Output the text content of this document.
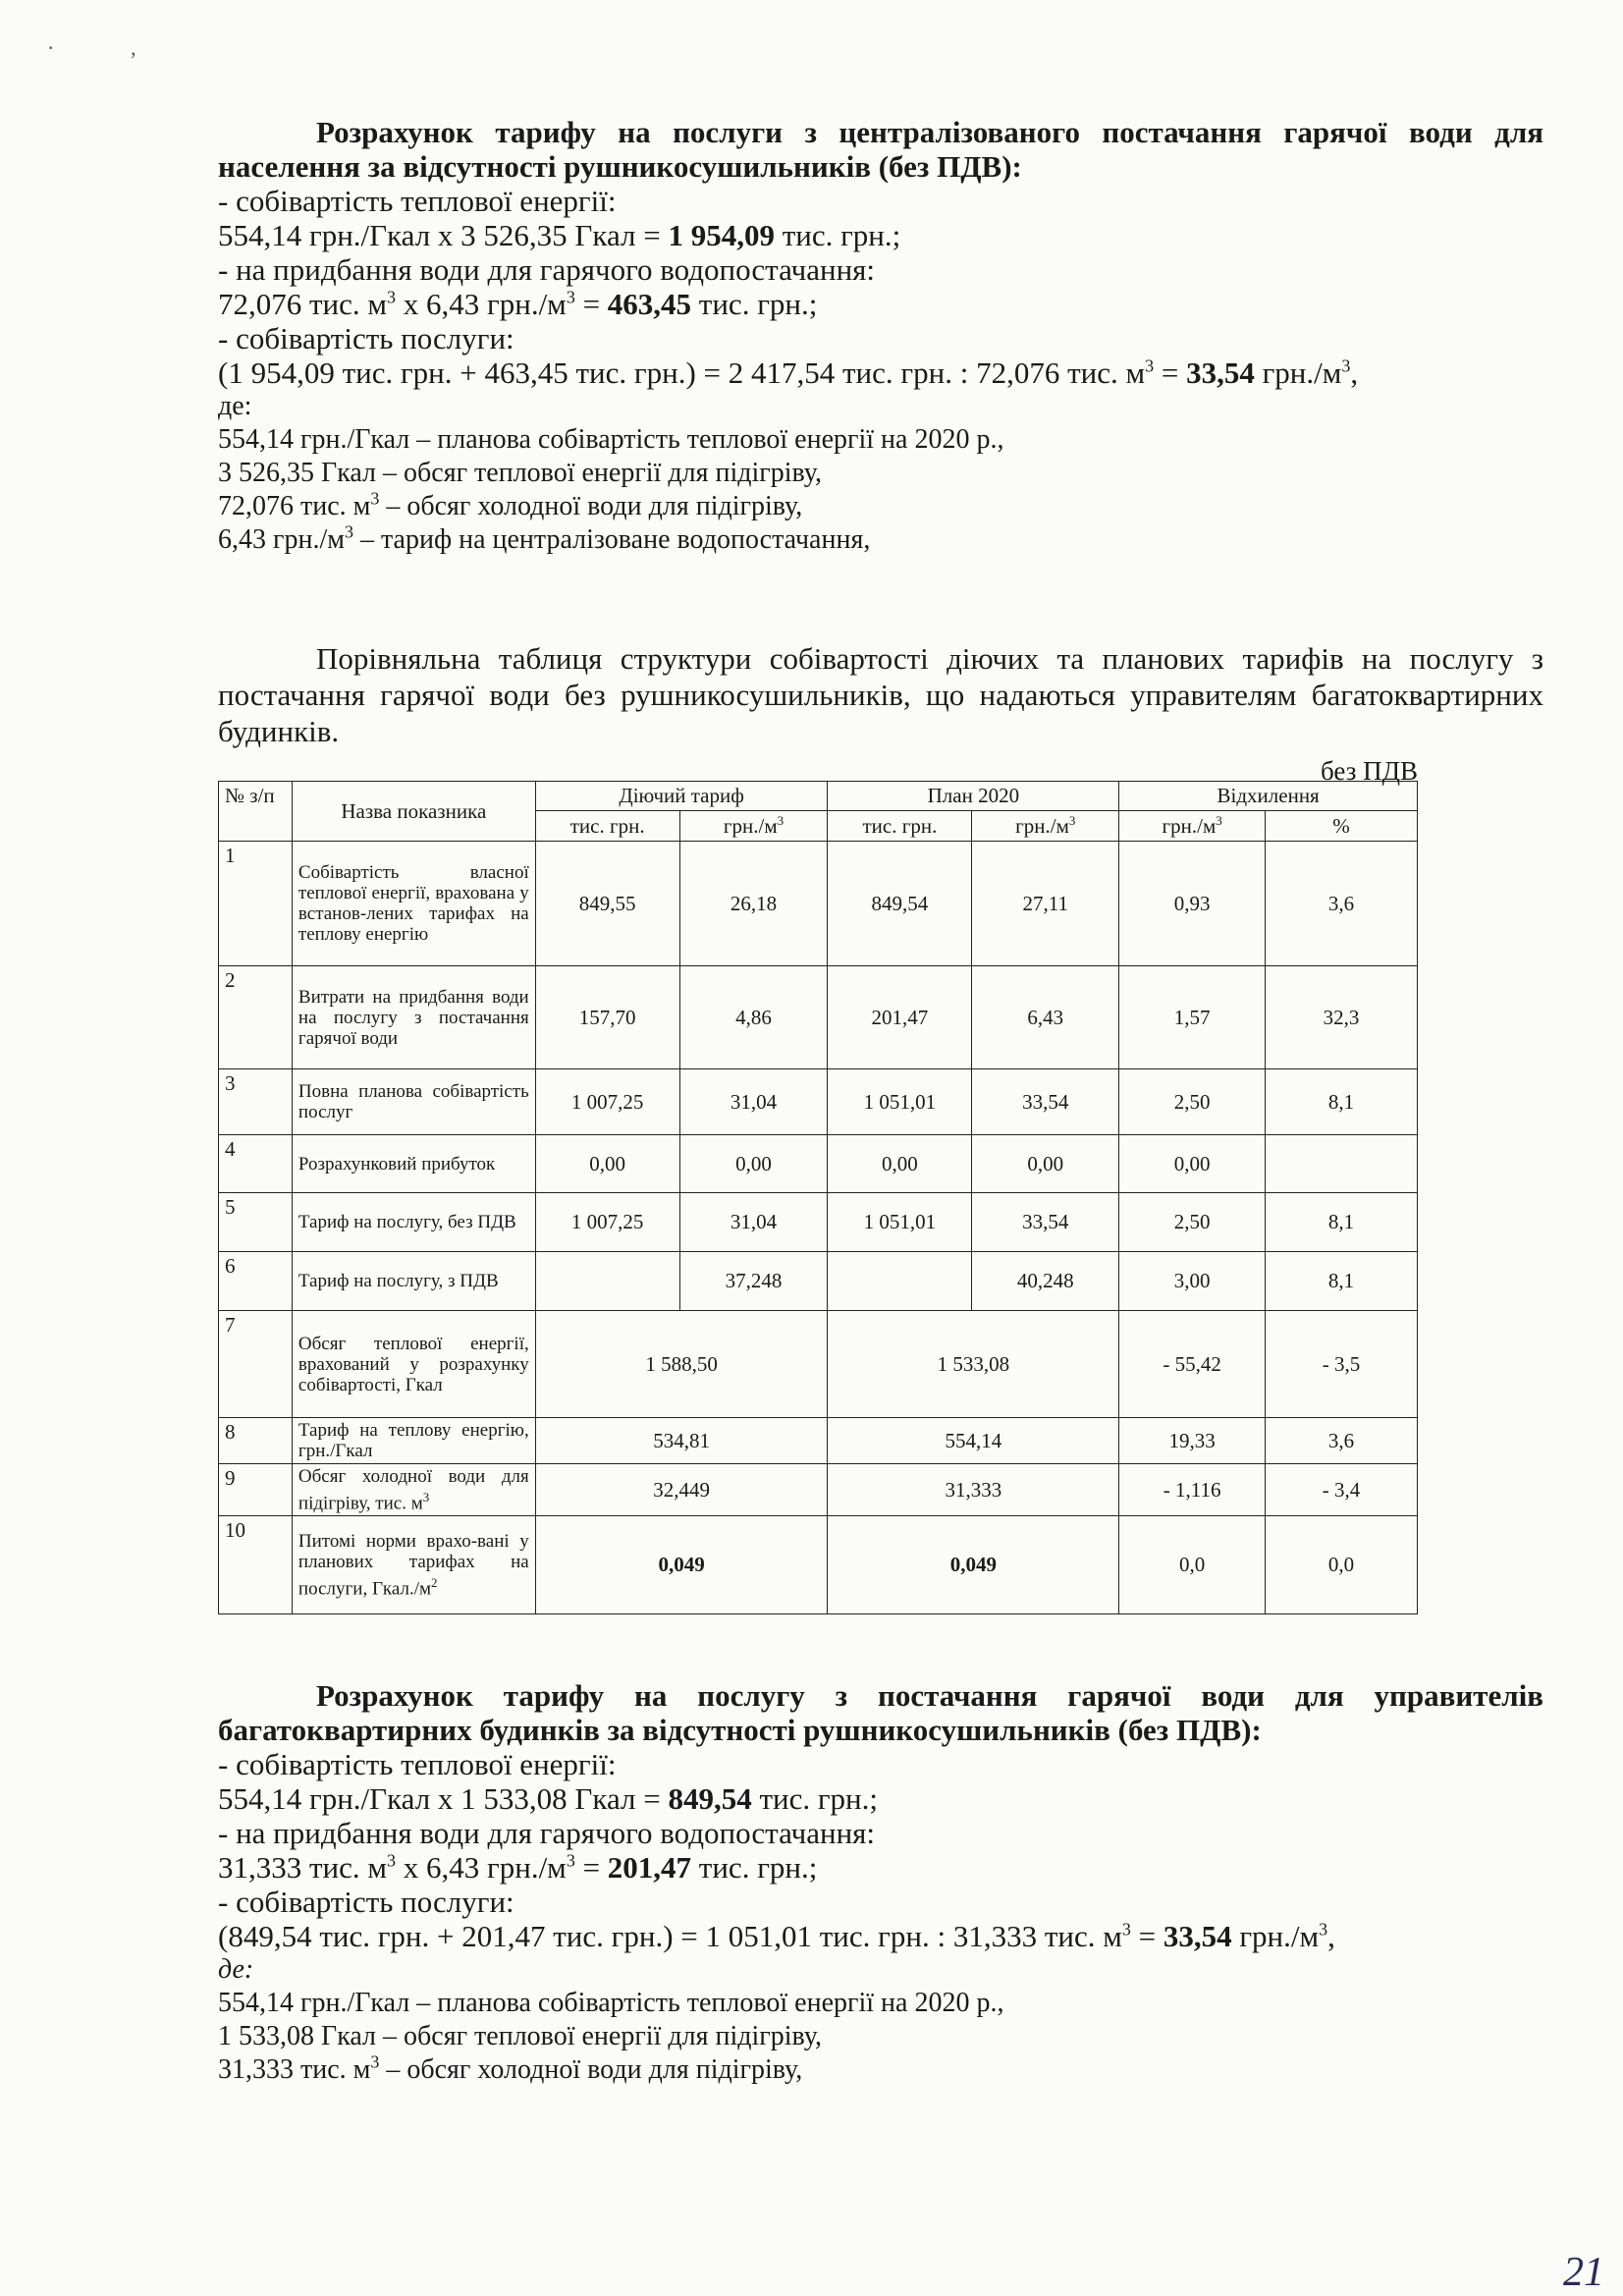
·	‚

Розрахунок тарифу на послуги з централізованого постачання гарячої води для населення за відсутності рушникосушильників (без ПДВ):

- собівартість теплової енергії:

554,14 грн./Гкал х 3 526,35 Гкал = 1 954,09 тис. грн.;

- на придбання води для гарячого водопостачання:

72,076 тис. $м^3$ х 6,43 $грн./м^3 = 463,45$ тис. грн.;

- собівартість послуги:

(1 954,09 тис. грн. + 463,45 тис. грн.) = 2 417,54 тис. грн. : 72,076 тис. $м^3 = 33,54$ $грн./м^3$,

де:

554,14 грн./Гкал – планова собівартість теплової енергії на 2020 р.,

3 526,35 Гкал – обсяг теплової енергії для підігріву,

72,076 тис. $м^3$ – обсяг холодної води для підігріву,

6,43 $грн./м^3$ – тариф на централізоване водопостачання,

Порівняльна таблиця структури собівартості діючих та планових тарифів на послугу з постачання гарячої води без рушникосушильників, що надаються управителям багатоквартирних будинків.

без ПДВ
№ з/п	Назва показника	Діючий тариф		План 2020		Відхилення	
		тис. грн.	$грн./м^3$	тис. грн.	$грн./м^3$	$грн./м^3$	%
1	Собівартість власної теплової енергії, врахована у встанов-лених тарифах на теплову енергію	849,55	26,18	849,54	27,11	0,93	3,6
2	Витрати на придбання води на послугу з постачання гарячої води	157,70	4,86	201,47	6,43	1,57	32,3
3	Повна планова собівартість послуг	1 007,25	31,04	1 051,01	33,54	2,50	8,1
4	Розрахунковий прибуток	0,00	0,00	0,00	0,00	0,00	
5	Тариф на послугу, без ПДВ	1 007,25	31,04	1 051,01	33,54	2,50	8,1
6	Тариф на послугу, з ПДВ		37,248		40,248	3,00	8,1
7	Обсяг теплової енергії, врахований у розрахунку собівартості, Гкал	1 588,50		1 533,08		- 55,42	- 3,5
8	Тариф на теплову енергію, грн./Гкал	534,81		554,14		19,33	3,6
9	Обсяг холодної води для підігріву, тис. $м^3$	32,449		31,333		- 1,116	- 3,4
10	Питомі норми врахо-вані у планових тарифах на послуги, $Гкал./м^2$	0,049		0,049		0,0	0,0

Розрахунок тарифу на послугу з постачання гарячої води для управителів багатоквартирних будинків за відсутності рушникосушильників (без ПДВ):

- собівартість теплової енергії:

554,14 грн./Гкал х 1 533,08 Гкал = 849,54 тис. грн.;

- на придбання води для гарячого водопостачання:

31,333 тис. $м^3$ х 6,43 $грн./м^3 = 201,47$ тис. грн.;

- собівартість послуги:

(849,54 тис. грн. + 201,47 тис. грн.) = 1 051,01 тис. грн. : 31,333 тис. $м^3 = 33,54$ $грн./м^3$,

де:

554,14 грн./Гкал – планова собівартість теплової енергії на 2020 р.,

1 533,08 Гкал – обсяг теплової енергії для підігріву,

31,333 тис. $м^3$ – обсяг холодної води для підігріву,

21
